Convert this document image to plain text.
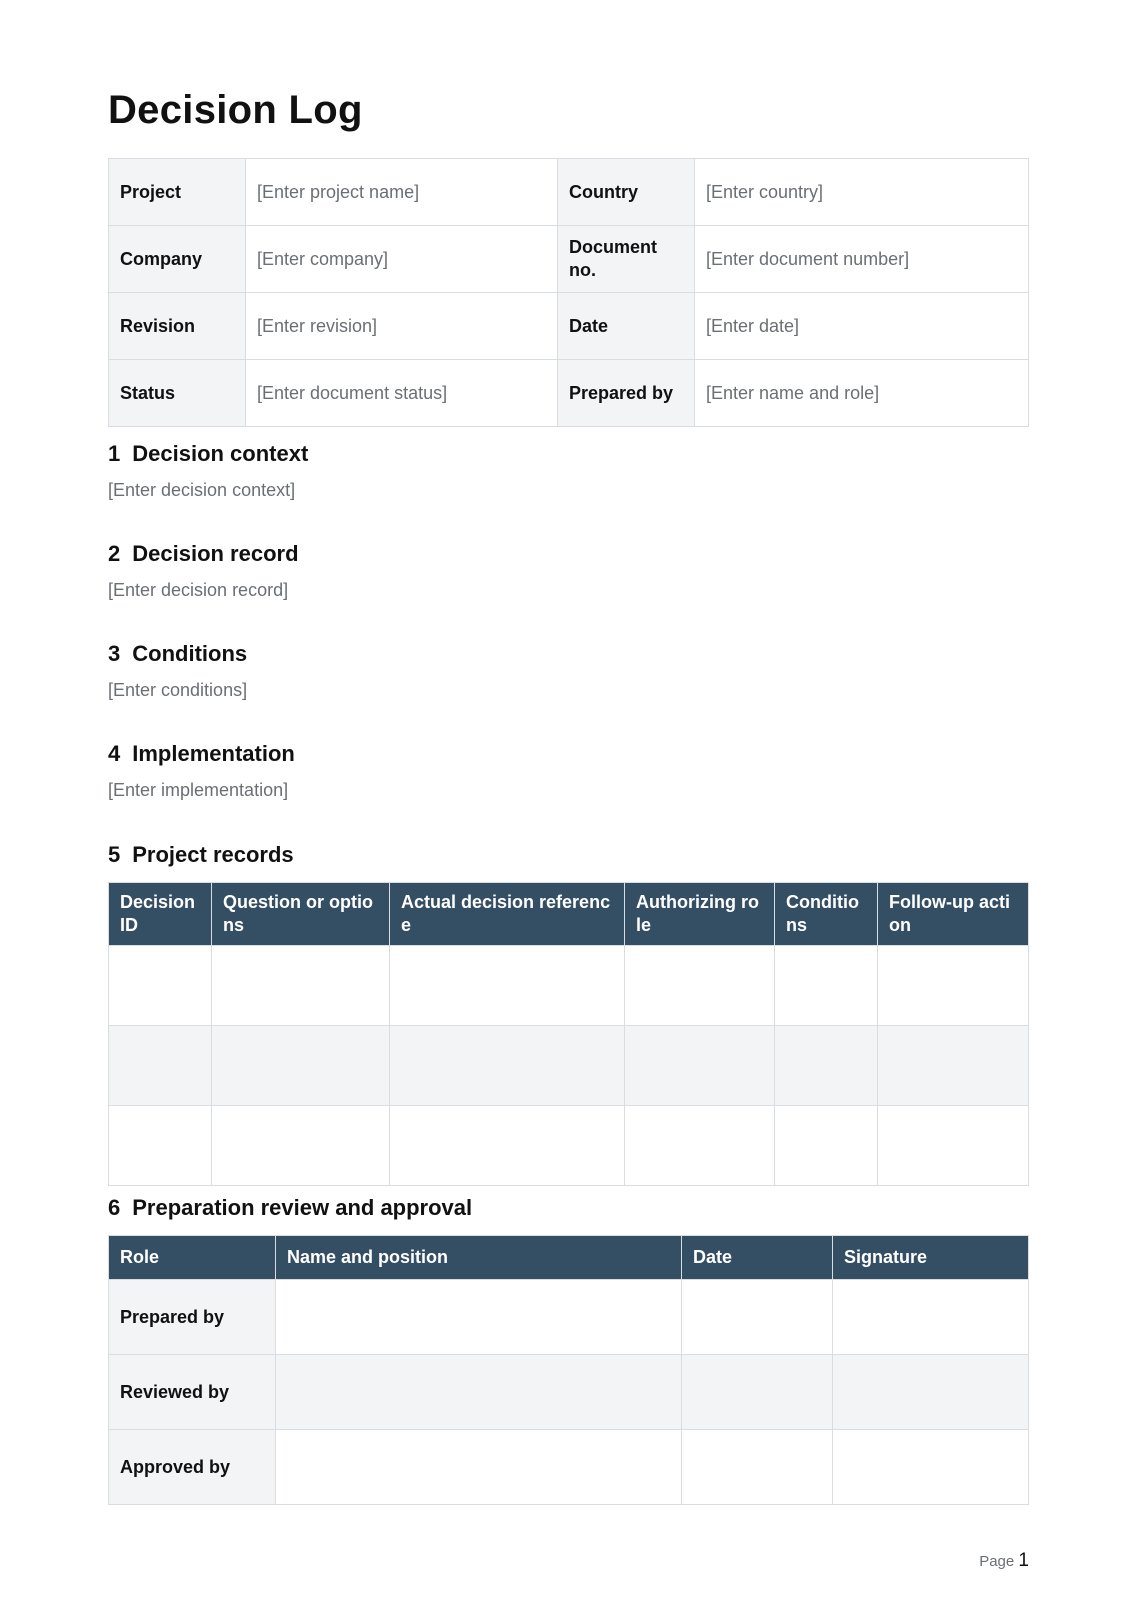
Decision Log
Project	[Enter project name]	Country	[Enter country]
Company	[Enter company]	Document no.	[Enter document number]
Revision	[Enter revision]	Date	[Enter date]
Status	[Enter document status]	Prepared by	[Enter name and role]

1 Decision context

[Enter decision context]

2 Decision record

[Enter decision record]

3 Conditions

[Enter conditions]

4 Implementation

[Enter implementation]

5 Project records

Decision ID	Question or options	Actual decision reference	Authorizing role	Conditions	Follow-up action

6 Preparation review and approval

Role	Name and position	Date	Signature
Prepared by			
Reviewed by			
Approved by			
Page 1
